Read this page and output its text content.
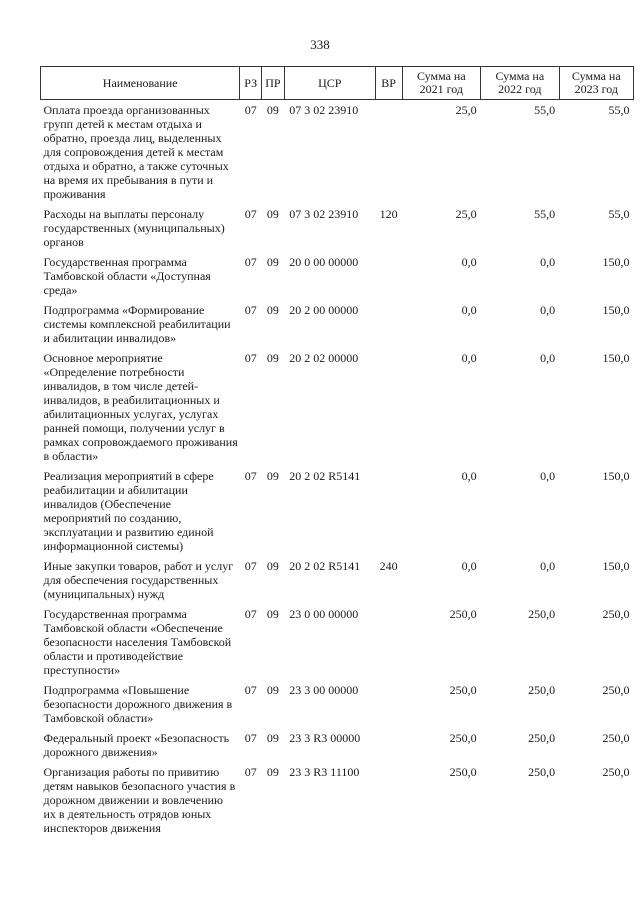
338
Наименование	РЗ	ПР	ЦСР	ВР	Сумма на 2021 год	Сумма на 2022 год	Сумма на 2023 год
Оплата проезда организованных групп детей к местам отдыха и обратно, проезда лиц, выделенных для сопровождения детей к местам отдыха и обратно, а также суточных на время их пребывания в пути и проживания	07	09	07 3 02 23910		25,0	55,0	55,0
Расходы на выплаты персоналу государственных (муниципальных) органов	07	09	07 3 02 23910	120	25,0	55,0	55,0
Государственная программа Тамбовской области «Доступная среда»	07	09	20 0 00 00000		0,0	0,0	150,0
Подпрограмма «Формирование системы комплексной реабилитации и абилитации инвалидов»	07	09	20 2 00 00000		0,0	0,0	150,0
Основное мероприятие «Определение потребности инвалидов, в том числе детей-инвалидов, в реабилитационных и абилитационных услугах, услугах ранней помощи, получении услуг в рамках сопровождаемого проживания в области»	07	09	20 2 02 00000		0,0	0,0	150,0
Реализация мероприятий в сфере реабилитации и абилитации инвалидов (Обеспечение мероприятий по созданию, эксплуатации и развитию единой информационной системы)	07	09	20 2 02 R5141		0,0	0,0	150,0
Иные закупки товаров, работ и услуг для обеспечения государственных (муниципальных) нужд	07	09	20 2 02 R5141	240	0,0	0,0	150,0
Государственная программа Тамбовской области «Обеспечение безопасности населения Тамбовской области и противодействие преступности»	07	09	23 0 00 00000		250,0	250,0	250,0
Подпрограмма «Повышение безопасности дорожного движения в Тамбовской области»	07	09	23 3 00 00000		250,0	250,0	250,0
Федеральный проект «Безопасность дорожного движения»	07	09	23 3 R3 00000		250,0	250,0	250,0
Организация работы по привитию детям навыков безопасного участия в дорожном движении и вовлечению их в деятельность отрядов юных инспекторов движения	07	09	23 3 R3 11100		250,0	250,0	250,0
